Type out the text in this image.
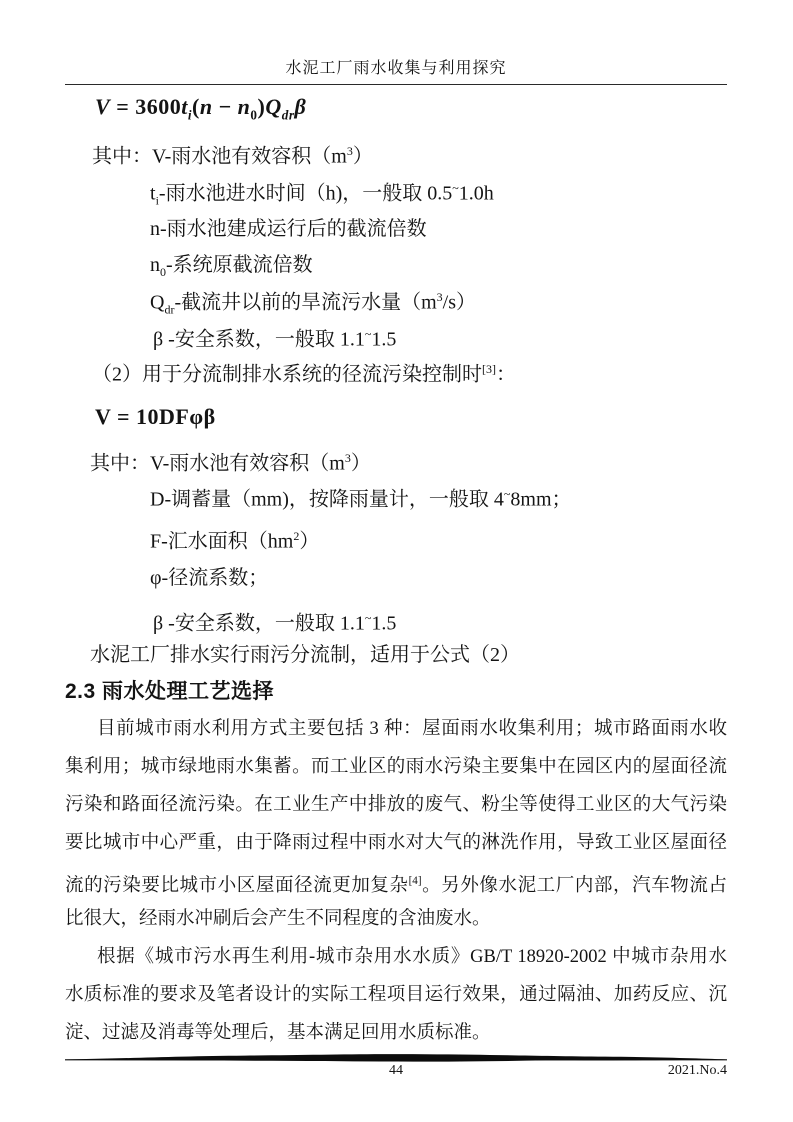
水泥工厂雨水收集与利用探究
$V = 3600t_i(n - n_0)Q_{dr}\beta$
其中：V-雨水池有效容积$(m^3)$
$t_i-$雨水池进水时间（h)，一般取 0.5~1.0h
n-雨水池建成运行后的截流倍数
$n_0-$系统原截流倍数
$Q_{dr}-$截流井以前的旱流污水量$(m^3/s)$
β -安全系数，一般取 1.1~1.5
（2）用于分流制排水系统的径流污染控制时[3]：
V = 10DFφβ
其中：V-雨水池有效容积$(m^3)$
D-调蓄量（mm)，按降雨量计，一般取 4~8mm；
F-汇水面积$(hm^2)$
φ-径流系数；
β -安全系数，一般取 1.1~1.5
水泥工厂排水实行雨污分流制，适用于公式（2）
2.3 雨水处理工艺选择
目前城市雨水利用方式主要包括 3 种：屋面雨水收集利用；城市路面雨水收
集利用；城市绿地雨水集蓄。而工业区的雨水污染主要集中在园区内的屋面径流
污染和路面径流污染。在工业生产中排放的废气、粉尘等使得工业区的大气污染
要比城市中心严重，由于降雨过程中雨水对大气的淋洗作用，导致工业区屋面径
流的污染要比城市小区屋面径流更加复杂[4]。另外像水泥工厂内部，汽车物流占
比很大，经雨水冲刷后会产生不同程度的含油废水。
根据《城市污水再生利用-城市杂用水水质》GB/T 18920-2002 中城市杂用水
水质标准的要求及笔者设计的实际工程项目运行效果，通过隔油、加药反应、沉
淀、过滤及消毒等处理后，基本满足回用水质标准。
44	2021.No.4
